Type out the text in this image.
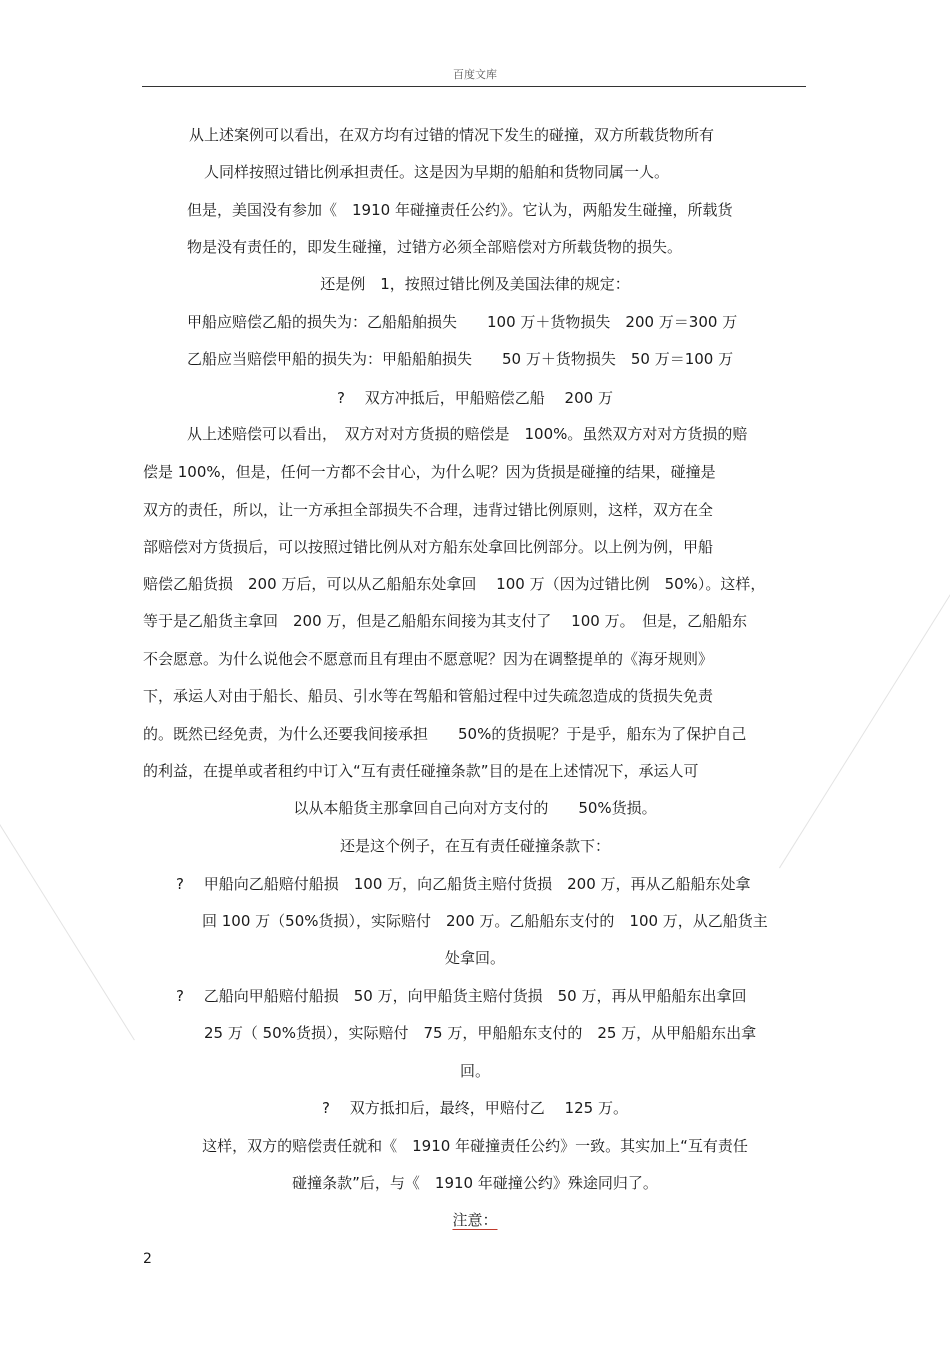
百度文库
从上述案例可以看出，在双方均有过错的情况下发生的碰撞，双方所载货物所有
人同样按照过错比例承担责任。这是因为早期的船舶和货物同属一人。
但是，美国没有参加《　1910 年碰撞责任公约》。它认为，两船发生碰撞，所载货
物是没有责任的，即发生碰撞，过错方必须全部赔偿对方所载货物的损失。
还是例　1，按照过错比例及美国法律的规定：
甲船应赔偿乙船的损失为：乙船船舶损失　　100 万＋货物损失　200 万＝300 万
乙船应当赔偿甲船的损失为：甲船船舶损失　　50 万＋货物损失　50 万＝100 万
?　 双方冲抵后，甲船赔偿乙船　 200 万
从上述赔偿可以看出，　双方对对方货损的赔偿是　100%。虽然双方对对方货损的赔
偿是 100%，但是，任何一方都不会甘心，为什么呢？因为货损是碰撞的结果，碰撞是
双方的责任，所以，让一方承担全部损失不合理，违背过错比例原则，这样，双方在全
部赔偿对方货损后，可以按照过错比例从对方船东处拿回比例部分。以上例为例，甲船
赔偿乙船货损　200 万后，可以从乙船船东处拿回　 100 万（因为过错比例　50%）。这样，
等于是乙船货主拿回　200 万，但是乙船船东间接为其支付了　 100 万。　但是，乙船船东
不会愿意。为什么说他会不愿意而且有理由不愿意呢？因为在调整提单的《海牙规则》
下，承运人对由于船长、船员、引水等在驾船和管船过程中过失疏忽造成的货损失免责
的。既然已经免责，为什么还要我间接承担　　50%的货损呢？于是乎，船东为了保护自己
的利益，在提单或者租约中订入“互有责任碰撞条款”目的是在上述情况下，承运人可
以从本船货主那拿回自己向对方支付的　　50%货损。
还是这个例子，在互有责任碰撞条款下：
?　 甲船向乙船赔付船损　100 万，向乙船货主赔付货损　200 万，再从乙船船东处拿
回 100 万（50%货损），实际赔付　200 万。乙船船东支付的　100 万，从乙船货主
处拿回。
?　 乙船向甲船赔付船损　50 万，向甲船货主赔付货损　50 万，再从甲船船东出拿回
25 万（ 50%货损），实际赔付　75 万，甲船船东支付的　25 万，从甲船船东出拿
回。
?　 双方抵扣后，最终，甲赔付乙　 125 万。
这样，双方的赔偿责任就和《　1910 年碰撞责任公约》一致。其实加上“互有责任
碰撞条款”后，与《　1910 年碰撞公约》殊途同归了。
注意：
2
